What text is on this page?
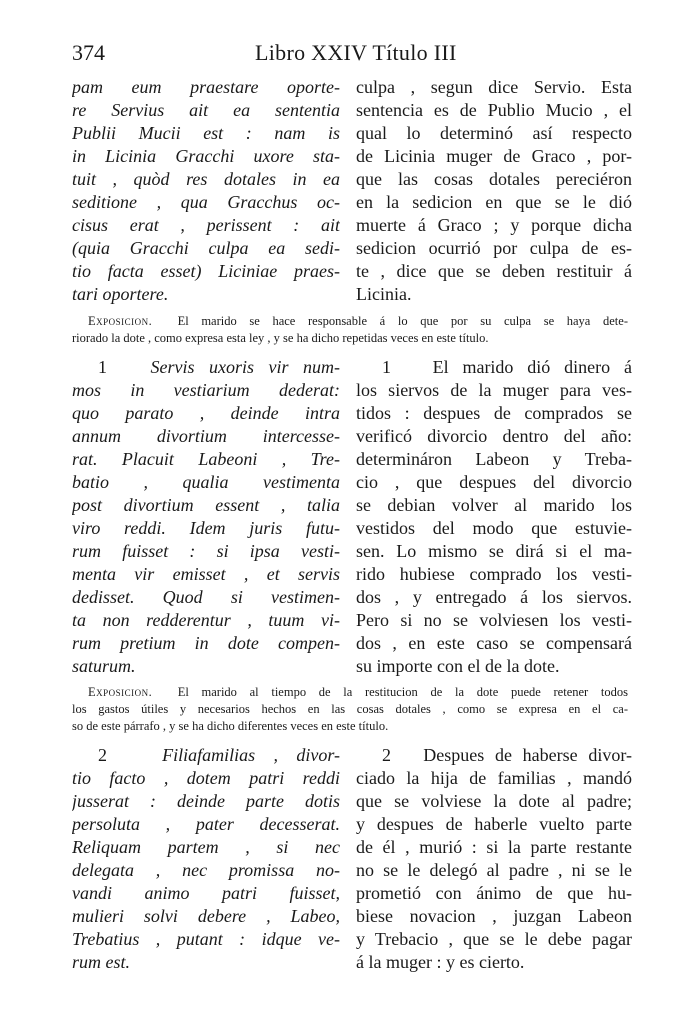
374	Libro XXIV Título III
pam eum praestare oporte-
re Servius ait ea sententia
Publii Mucii est : nam is
in Licinia Gracchi uxore sta-
tuit , quòd res dotales in ea
seditione , qua Gracchus oc-
cisus erat , perissent : ait
(quia Gracchi culpa ea sedi-
tio facta esset) Liciniae praes-
tari oportere.
culpa , segun dice Servio. Esta
sentencia es de Publio Mucio , el
qual lo determinó así respecto
de Licinia muger de Graco , por-
que las cosas dotales pereciéron
en la sedicion en que se le dió
muerte á Graco ; y porque dicha
sedicion ocurrió por culpa de es-
te , dice que se deben restituir á
Licinia.
Exposicion. El marido se hace responsable á lo que por su culpa se haya dete-
riorado la dote , como expresa esta ley , y se ha dicho repetidas veces en este título.
1 Servis uxoris vir num-
mos in vestiarium dederat:
quo parato , deinde intra
annum divortium intercesse-
rat. Placuit Labeoni , Tre-
batio , qualia vestimenta
post divortium essent , talia
viro reddi. Idem juris futu-
rum fuisset : si ipsa vesti-
menta vir emisset , et servis
dedisset. Quod si vestimen-
ta non redderentur , tuum vi-
rum pretium in dote compen-
saturum.
1 El marido dió dinero á
los siervos de la muger para ves-
tidos : despues de comprados se
verificó divorcio dentro del año:
determináron Labeon y Treba-
cio , que despues del divorcio
se debian volver al marido los
vestidos del modo que estuvie-
sen. Lo mismo se dirá si el ma-
rido hubiese comprado los vesti-
dos , y entregado á los siervos.
Pero si no se volviesen los vesti-
dos , en este caso se compensará
su importe con el de la dote.
Exposicion. El marido al tiempo de la restitucion de la dote puede retener todos
los gastos útiles y necesarios hechos en las cosas dotales , como se expresa en el ca-
so de este párrafo , y se ha dicho diferentes veces en este título.
2	Filiafamilias , divor-
tio facto , dotem patri reddi
jusserat : deinde parte dotis
persoluta , pater decesserat.
Reliquam partem , si nec
delegata , nec promissa no-
vandi animo patri fuisset,
mulieri solvi debere , Labeo,
Trebatius , putant : idque ve-
rum est.
2 Despues de haberse divor-
ciado la hija de familias , mandó
que se volviese la dote al padre;
y despues de haberle vuelto parte
de él , murió : si la parte restante
no se le delegó al padre , ni se le
prometió con ánimo de que hu-
biese novacion , juzgan Labeon
y Trebacio , que se le debe pagar
á la muger : y es cierto.
